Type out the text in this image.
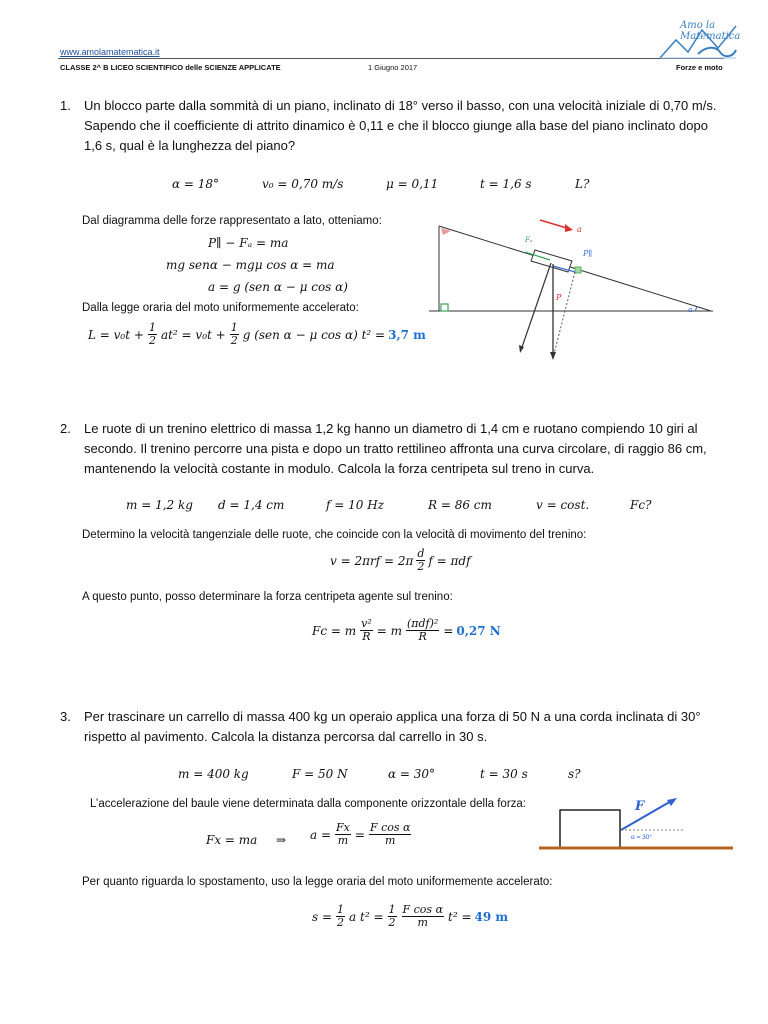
www.amolamatematica.it
CLASSE 2^ B LICEO SCIENTIFICO delle SCIENZE APPLICATE	1 Giugno 2017	Forze e moto
Amo la
Matematica
1. Un blocco parte dalla sommità di un piano, inclinato di 18° verso il basso, con una velocità iniziale di 0,70 m/s. Sapendo che il coefficiente di attrito dinamico è 0,11 e che il blocco giunge alla base del piano inclinato dopo 1,6 s, qual è la lunghezza del piano?
α = 18°	v₀ = 0,70 m/s	μ = 0,11	t = 1,6 s	L?
Dal diagramma delle forze rappresentato a lato, otteniamo:
P∥ − Fₐ = ma
mg senα − mgμ cos α = ma
a = g (sen α − μ cos α)
Dalla legge oraria del moto uniformemente accelerato:
$L = v_0t + \frac{1}{2} at^2 = v_0t + \frac{1}{2}$ g (sen α − μ cos α) t² = 3,7 m
α
a
Fₐ
P∥
P
2. Le ruote di un trenino elettrico di massa 1,2 kg hanno un diametro di 1,4 cm e ruotano compiendo 10 giri al secondo. Il trenino percorre una pista e dopo un tratto rettilineo affronta una curva circolare, di raggio 86 cm, mantenendo la velocità costante in modulo. Calcola la forza centripeta sul treno in curva.
m = 1,2 kg d = 1,4 cm	f = 10 Hz	R = 86 cm	v = cost.	Fc?
Determino la velocità tangenziale delle ruote, che coincide con la velocità di movimento del trenino:
$v = 2\pi rf = 2\pi \frac{d}{2}$ f = πdf
A questo punto, posso determinare la forza centripeta agente sul trenino:
Fc = m $\frac{\text{v²}}{R} = m \frac{\text{(πdf)²}}{R} = 0,27$ N
3. Per trascinare un carrello di massa 400 kg un operaio applica una forza di 50 N a una corda inclinata di 30° rispetto al pavimento. Calcola la distanza percorsa dal carrello in 30 s.
m = 400 kg	F = 50 N	α = 30°	t = 30 s	s?
L’accelerazione del baule viene determinata dalla componente orizzontale della forza:
Fx = ma ⇒ $a = \frac{Fx}{m} = \frac{\text{F cos α}}{m}$
F
α = 30°
Per quanto riguarda lo spostamento, uso la legge oraria del moto uniformemente accelerato:
$s = \frac{1}{2}$ a $t^2 = \frac{1}{2} \frac{\text{F cos α}}{m} t^2 = 49$ m
